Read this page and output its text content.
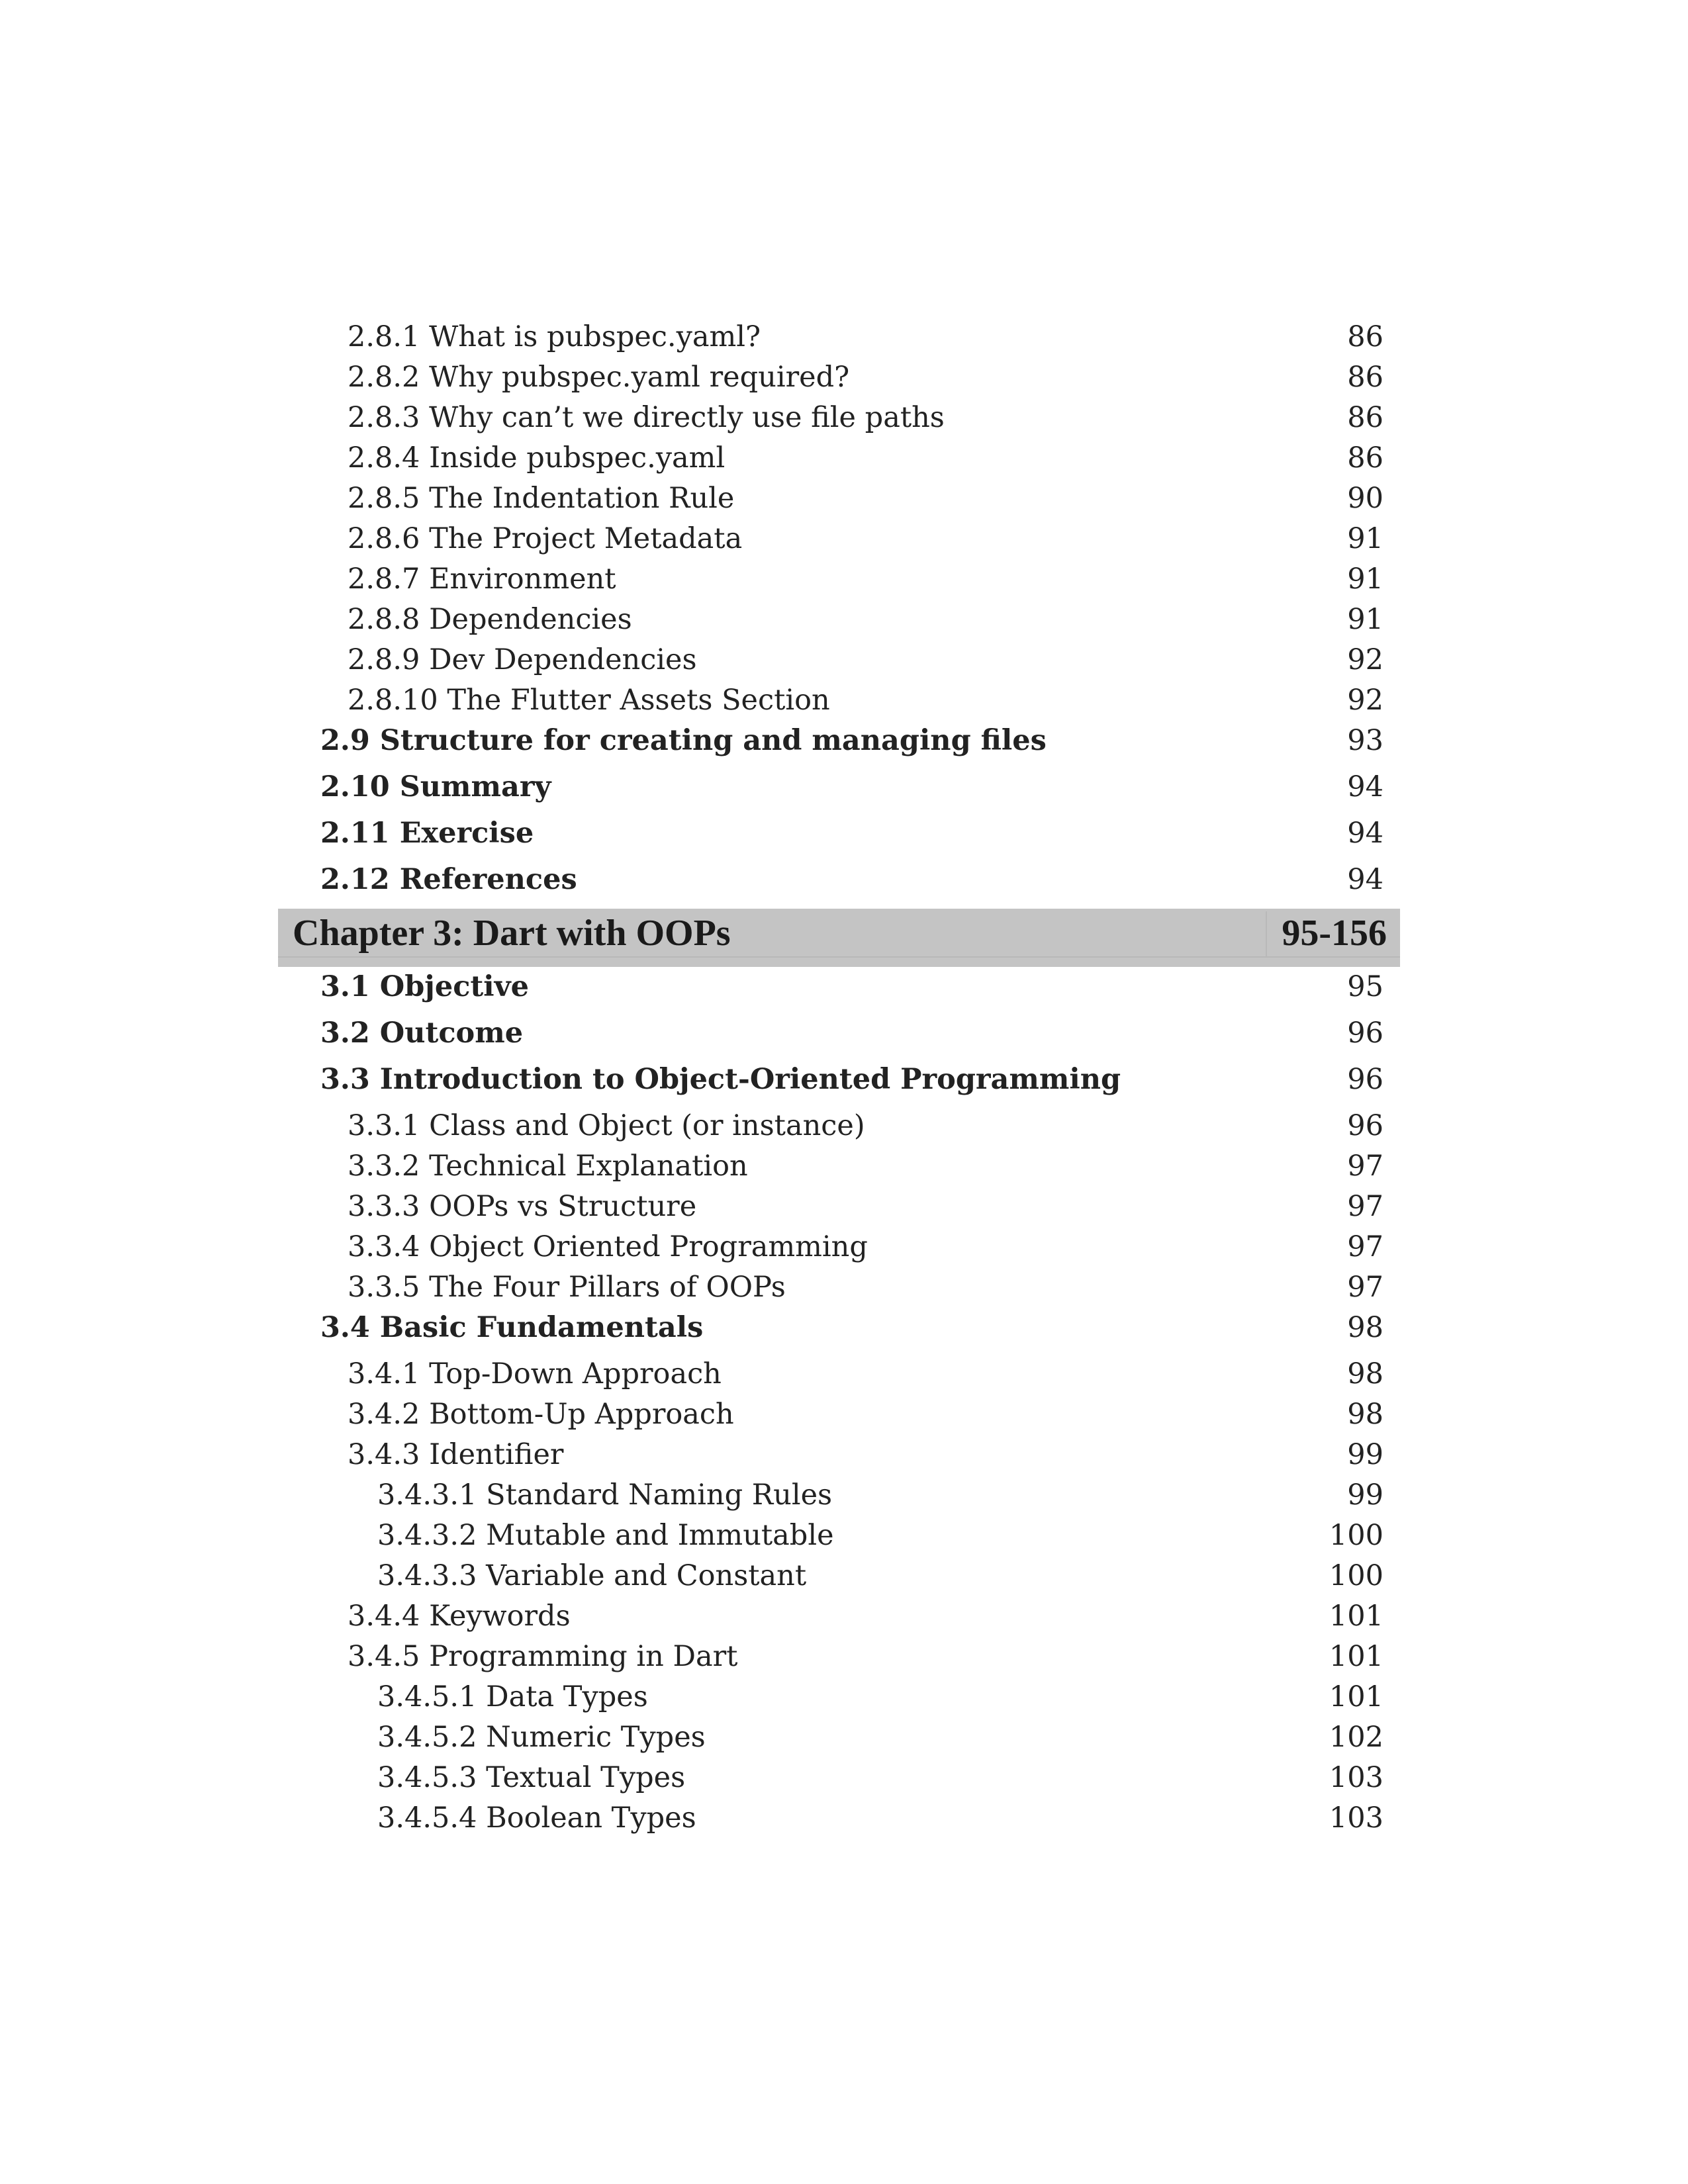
2.8.1 What is pubspec.yaml?	86
2.8.2 Why pubspec.yaml required?	86
2.8.3 Why can’t we directly use file paths	86
2.8.4 Inside pubspec.yaml	86
2.8.5 The Indentation Rule	90
2.8.6 The Project Metadata	91
2.8.7 Environment	91
2.8.8 Dependencies	91
2.8.9 Dev Dependencies	92
2.8.10 The Flutter Assets Section	92
2.9 Structure for creating and managing files	93
2.10 Summary	94
2.11 Exercise	94
2.12 References	94
Chapter 3: Dart with OOPs	95-156
3.1 Objective	95
3.2 Outcome	96
3.3 Introduction to Object-Oriented Programming	96
3.3.1 Class and Object (or instance)	96
3.3.2 Technical Explanation	97
3.3.3 OOPs vs Structure	97
3.3.4 Object Oriented Programming	97
3.3.5 The Four Pillars of OOPs	97
3.4 Basic Fundamentals	98
3.4.1 Top-Down Approach	98
3.4.2 Bottom-Up Approach	98
3.4.3 Identifier	99
3.4.3.1 Standard Naming Rules	99
3.4.3.2 Mutable and Immutable	100
3.4.3.3 Variable and Constant	100
3.4.4 Keywords	101
3.4.5 Programming in Dart	101
3.4.5.1 Data Types	101
3.4.5.2 Numeric Types	102
3.4.5.3 Textual Types	103
3.4.5.4 Boolean Types	103
